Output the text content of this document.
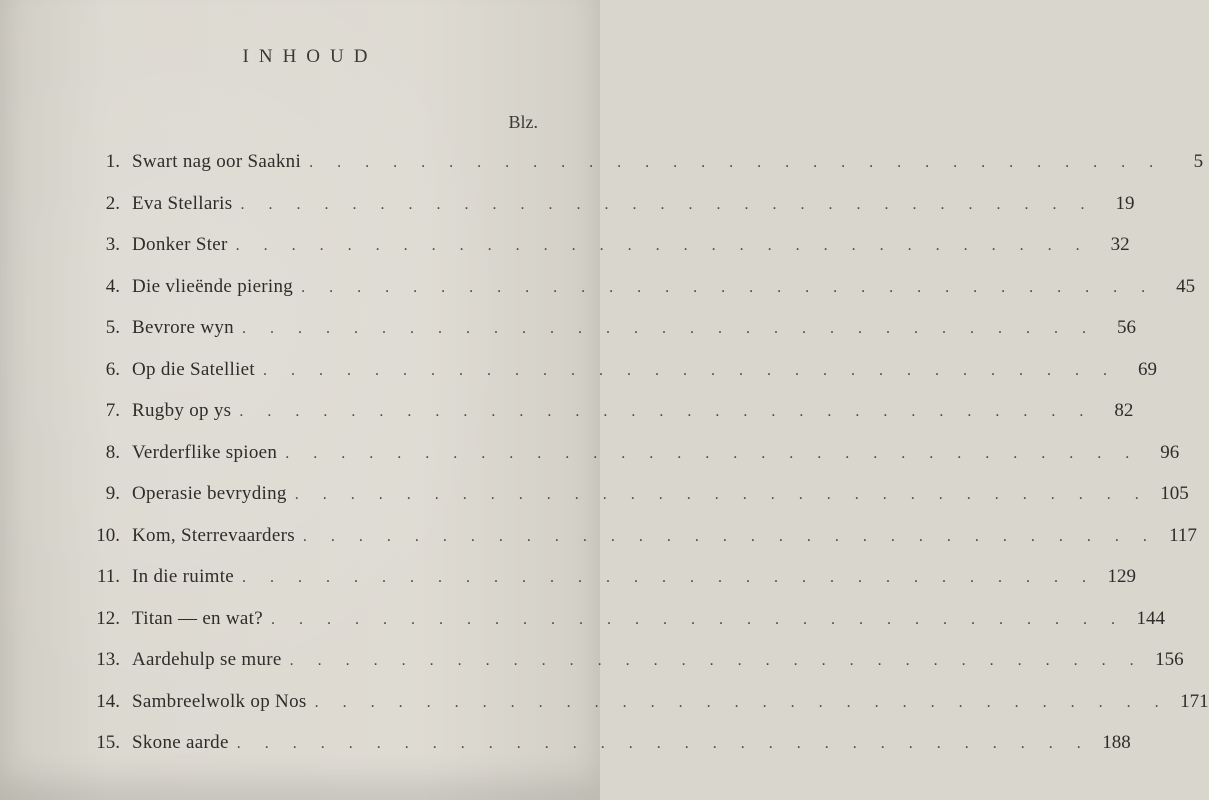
INHOUD
Blz.
1. Swart nag oor Saakni . . . . . . . . . . . . . . . . . . . . . . . . . . . . . . .	5
2. Eva Stellaris . . . . . . . . . . . . . . . . . . . . . . . . . . . . . . .	19
3. Donker Ster . . . . . . . . . . . . . . . . . . . . . . . . . . . . . . .	32
4. Die vlieënde piering . . . . . . . . . . . . . . . . . . . . . . . . . . . . . . .	45
5. Bevrore wyn . . . . . . . . . . . . . . . . . . . . . . . . . . . . . . .	56
6. Op die Satelliet . . . . . . . . . . . . . . . . . . . . . . . . . . . . . . .	69
7. Rugby op ys . . . . . . . . . . . . . . . . . . . . . . . . . . . . . . .	82
8. Verderflike spioen . . . . . . . . . . . . . . . . . . . . . . . . . . . . . . .	96
9. Operasie bevryding . . . . . . . . . . . . . . . . . . . . . . . . . . . . . . . 105
10. Kom, Sterrevaarders . . . . . . . . . . . . . . . . . . . . . . . . . . . . . . . 117
11. In die ruimte . . . . . . . . . . . . . . . . . . . . . . . . . . . . . . . 129
12. Titan — en wat? . . . . . . . . . . . . . . . . . . . . . . . . . . . . . . . 144
13. Aardehulp se mure . . . . . . . . . . . . . . . . . . . . . . . . . . . . . . . 156
14. Sambreelwolk op Nos . . . . . . . . . . . . . . . . . . . . . . . . . . . . . . . 171
15. Skone aarde . . . . . . . . . . . . . . . . . . . . . . . . . . . . . . . 188
